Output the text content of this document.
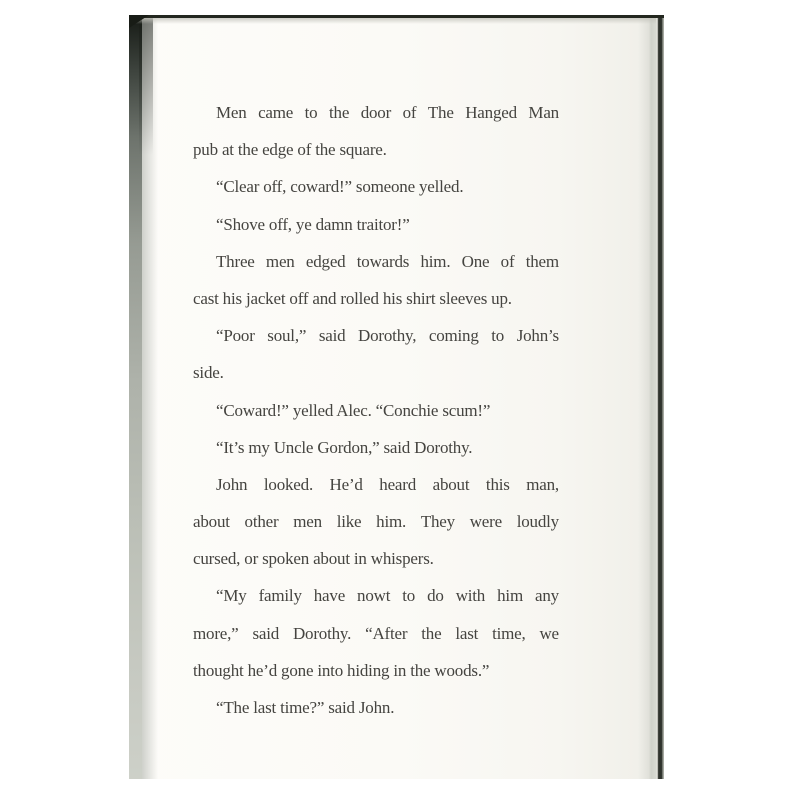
Men came to the door of The Hanged Man
pub at the edge of the square.
“Clear off, coward!” someone yelled.
“Shove off, ye damn traitor!”
Three men edged towards him. One of them
cast his jacket off and rolled his shirt sleeves up.
“Poor soul,” said Dorothy, coming to John’s
side.
“Coward!” yelled Alec. “Conchie scum!”
“It’s my Uncle Gordon,” said Dorothy.
John looked. He’d heard about this man,
about other men like him. They were loudly
cursed, or spoken about in whispers.
“My family have nowt to do with him any
more,” said Dorothy. “After the last time, we
thought he’d gone into hiding in the woods.”
“The last time?” said John.
